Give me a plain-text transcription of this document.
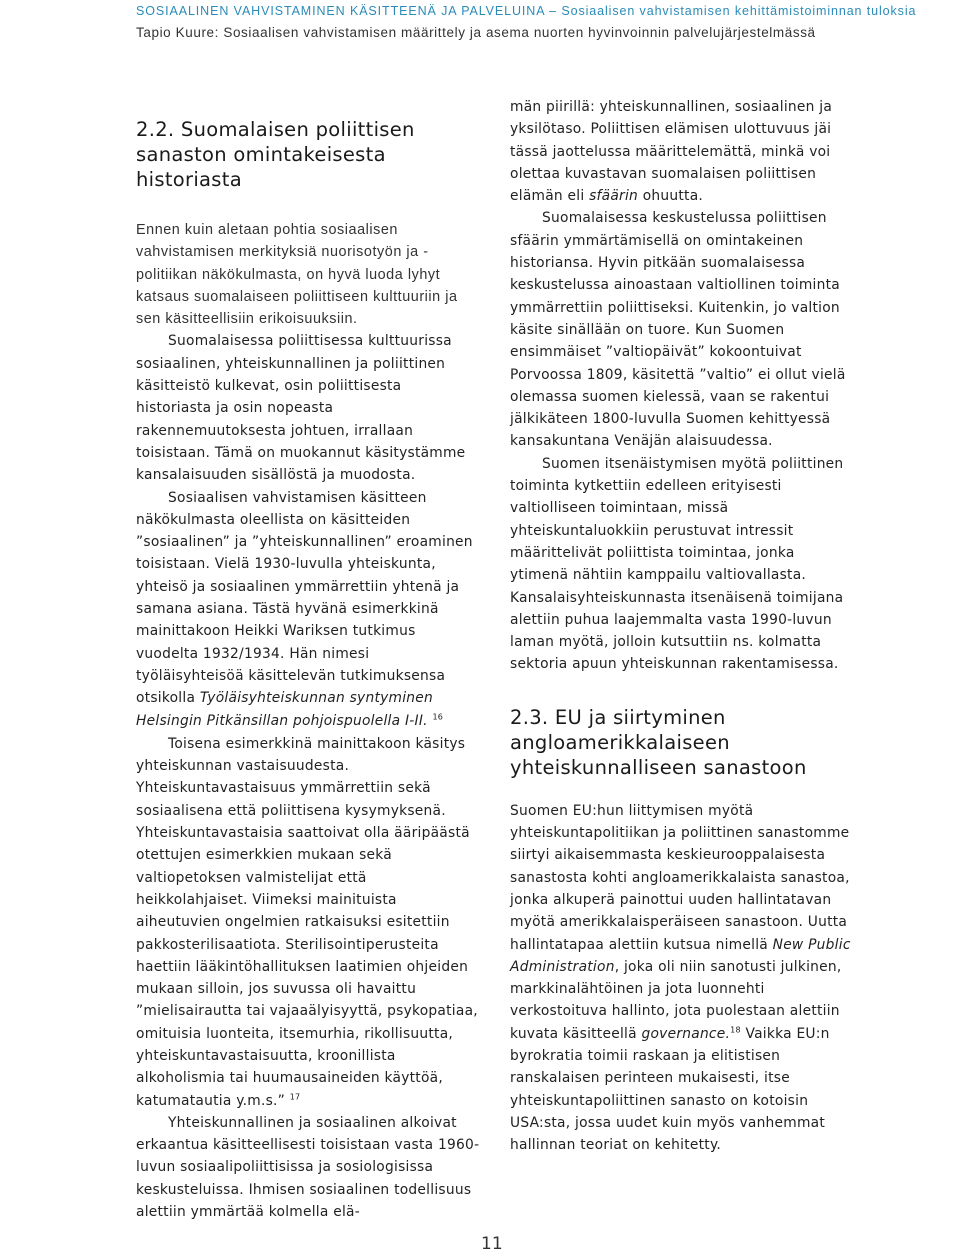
SOSIAALINEN VAHVISTAMINEN KÄSITTEENÄ JA PALVELUINA – Sosiaalisen vahvistamisen kehittämistoiminnan tuloksia
Tapio Kuure: Sosiaalisen vahvistamisen määrittely ja asema nuorten hyvinvoinnin palvelujärjestelmässä
2.2. Suomalaisen poliittisen sanaston omintakeisesta historiasta

Ennen kuin aletaan pohtia sosiaalisen vahvistamisen merkityksiä nuorisotyön ja -politiikan näkökulmasta, on hyvä luoda lyhyt katsaus suomalaiseen poliittiseen kulttuuriin ja sen käsitteellisiin erikoisuuksiin.

Suomalaisessa poliittisessa kulttuurissa sosiaalinen, yhteiskunnallinen ja poliittinen käsitteistö kulkevat, osin poliittisesta historiasta ja osin nopeasta rakennemuutoksesta johtuen, irrallaan toisistaan. Tämä on muokannut käsitystämme kansalaisuuden sisällöstä ja muodosta.

Sosiaalisen vahvistamisen käsitteen näkökulmasta oleellista on käsitteiden ”sosiaalinen” ja ”yhteiskunnallinen” eroaminen toisistaan. Vielä 1930-luvulla yhteiskunta, yhteisö ja sosiaalinen ymmärrettiin yhtenä ja samana asiana. Tästä hyvänä esimerkkinä mainittakoon Heikki Wariksen tutkimus vuodelta 1932/1934. Hän nimesi työläisyhteisöä käsittelevän tutkimuksensa otsikolla Työläisyhteiskunnan syntyminen Helsingin Pitkänsillan pohjoispuolella I-II. $^{16}$

Toisena esimerkkinä mainittakoon käsitys yhteiskunnan vastaisuudesta. Yhteiskuntavastaisuus ymmärrettiin sekä sosiaalisena että poliittisena kysymyksenä. Yhteiskuntavastaisia saattoivat olla ääripäästä otettujen esimerkkien mukaan sekä valtiopetoksen valmistelijat että heikkolahjaiset. Viimeksi mainituista aiheutuvien ongelmien ratkaisuksi esitettiin pakkosterilisaatiota. Sterilisointiperusteita haettiin lääkintöhallituksen laatimien ohjeiden mukaan silloin, jos suvussa oli havaittu ”mielisairautta tai vajaaälyisyyttä, psykopatiaa, omituisia luonteita, itsemurhia, rikollisuutta, yhteiskuntavastaisuutta, kroonillista alkoholismia tai huumausaineiden käyttöä, katumatautia y.m.s.” $^{17}$

Yhteiskunnallinen ja sosiaalinen alkoivat erkaantua käsitteellisesti toisistaan vasta 1960-luvun sosiaalipoliittisissa ja sosiologisissa keskusteluissa. Ihmisen sosiaalinen todellisuus alettiin ymmärtää kolmella elä-

män piirillä: yhteiskunnallinen, sosiaalinen ja yksilötaso. Poliittisen elämisen ulottuvuus jäi tässä jaottelussa määrittelemättä, minkä voi olettaa kuvastavan suomalaisen poliittisen elämän eli sfäärin ohuutta.

Suomalaisessa keskustelussa poliittisen sfäärin ymmärtämisellä on omintakeinen historiansa. Hyvin pitkään suomalaisessa keskustelussa ainoastaan valtiollinen toiminta ymmärrettiin poliittiseksi. Kuitenkin, jo valtion käsite sinällään on tuore. Kun Suomen ensimmäiset ”valtiopäivät” kokoontuivat Porvoossa 1809, käsitettä ”valtio” ei ollut vielä olemassa suomen kielessä, vaan se rakentui jälkikäteen 1800-luvulla Suomen kehittyessä kansakuntana Venäjän alaisuudessa.

Suomen itsenäistymisen myötä poliittinen toiminta kytkettiin edelleen erityisesti valtiolliseen toimintaan, missä yhteiskuntaluokkiin perustuvat intressit määrittelivät poliittista toimintaa, jonka ytimenä nähtiin kamppailu valtiovallasta. Kansalaisyhteiskunnasta itsenäisenä toimijana alettiin puhua laajemmalta vasta 1990-luvun laman myötä, jolloin kutsuttiin ns. kolmatta sektoria apuun yhteiskunnan rakentamisessa.

2.3. EU ja siirtyminen angloamerikkalaiseen yhteiskunnalliseen sanastoon

Suomen EU:hun liittymisen myötä yhteiskuntapolitiikan ja poliittinen sanastomme siirtyi aikaisemmasta keskieurooppalaisesta sanastosta kohti angloamerikkalaista sanastoa, jonka alkuperä painottui uuden hallintatavan myötä amerikkalaisperäiseen sanastoon. Uutta hallintatapaa alettiin kutsua nimellä New Public Administration, joka oli niin sanotusti julkinen, markkinalähtöinen ja jota luonnehti verkostoituva hallinto, jota puolestaan alettiin kuvata käsitteellä governance.$^{18}$ Vaikka EU:n byrokratia toimii raskaan ja elitistisen ranskalaisen perinteen mukaisesti, itse yhteiskuntapoliittinen sanasto on kotoisin USA:sta, jossa uudet kuin myös vanhemmat hallinnan teoriat on kehitetty.

11
